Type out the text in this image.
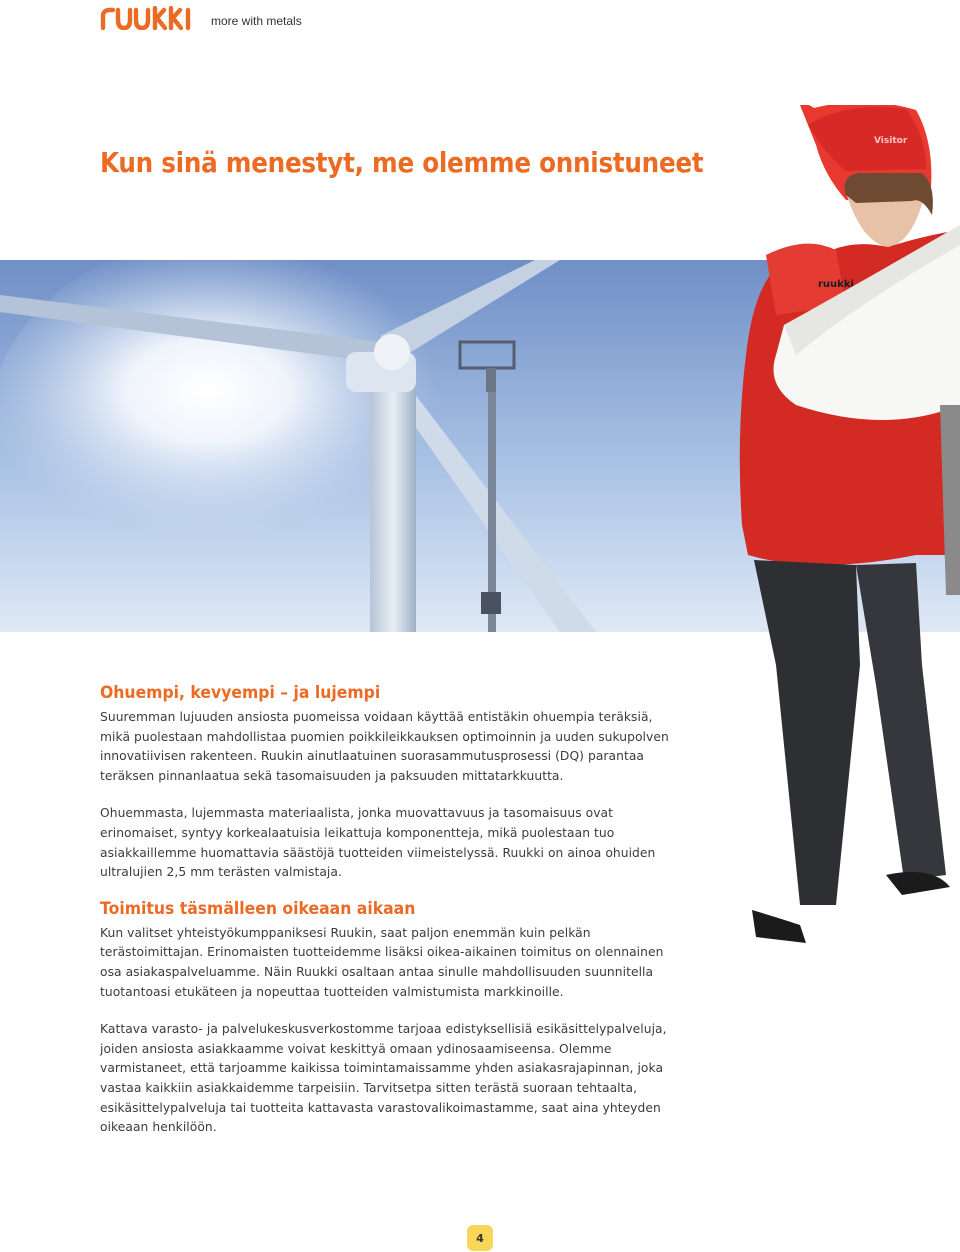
more with metals
Kun sinä menestyt, me olemme onnistuneet
Visitor
ruukki
Ohuempi, kevyempi – ja lujempi

Suuremman lujuuden ansiosta puomeissa voidaan käyttää entistäkin ohuempia teräksiä, mikä puolestaan mahdollistaa puomien poikkileikkauksen optimoinnin ja uuden sukupolven innovatiivisen rakenteen. Ruukin ainutlaatuinen suorasammutusprosessi (DQ) parantaa teräksen pinnanlaatua sekä tasomaisuuden ja paksuuden mittatarkkuutta.

Ohuemmasta, lujemmasta materiaalista, jonka muovattavuus ja tasomaisuus ovat erinomaiset, syntyy korkealaatuisia leikattuja komponentteja, mikä puolestaan tuo asiakkaillemme huomattavia säästöjä tuotteiden viimeistelyssä. Ruukki on ainoa ohuiden ultralujien 2,5 mm terästen valmistaja.

Toimitus täsmälleen oikeaan aikaan

Kun valitset yhteistyökumppaniksesi Ruukin, saat paljon enemmän kuin pelkän terästoimittajan. Erinomaisten tuotteidemme lisäksi oikea-aikainen toimitus on olennainen osa asiakaspalveluamme. Näin Ruukki osaltaan antaa sinulle mahdollisuuden suunnitella tuotantoasi etukäteen ja nopeuttaa tuotteiden valmistumista markkinoille.

Kattava varasto- ja palvelukeskusverkostomme tarjoaa edistyksellisiä esikäsittelypalveluja, joiden ansiosta asiakkaamme voivat keskittyä omaan ydinosaamiseensa. Olemme varmistaneet, että tarjoamme kaikissa toimintamaissamme yhden asiakasrajapinnan, joka vastaa kaikkiin asiakkaidemme tarpeisiin. Tarvitsetpa sitten terästä suoraan tehtaalta, esikäsittelypalveluja tai tuotteita kattavasta varastovalikoimastamme, saat aina yhteyden oikeaan henkilöön.

4
